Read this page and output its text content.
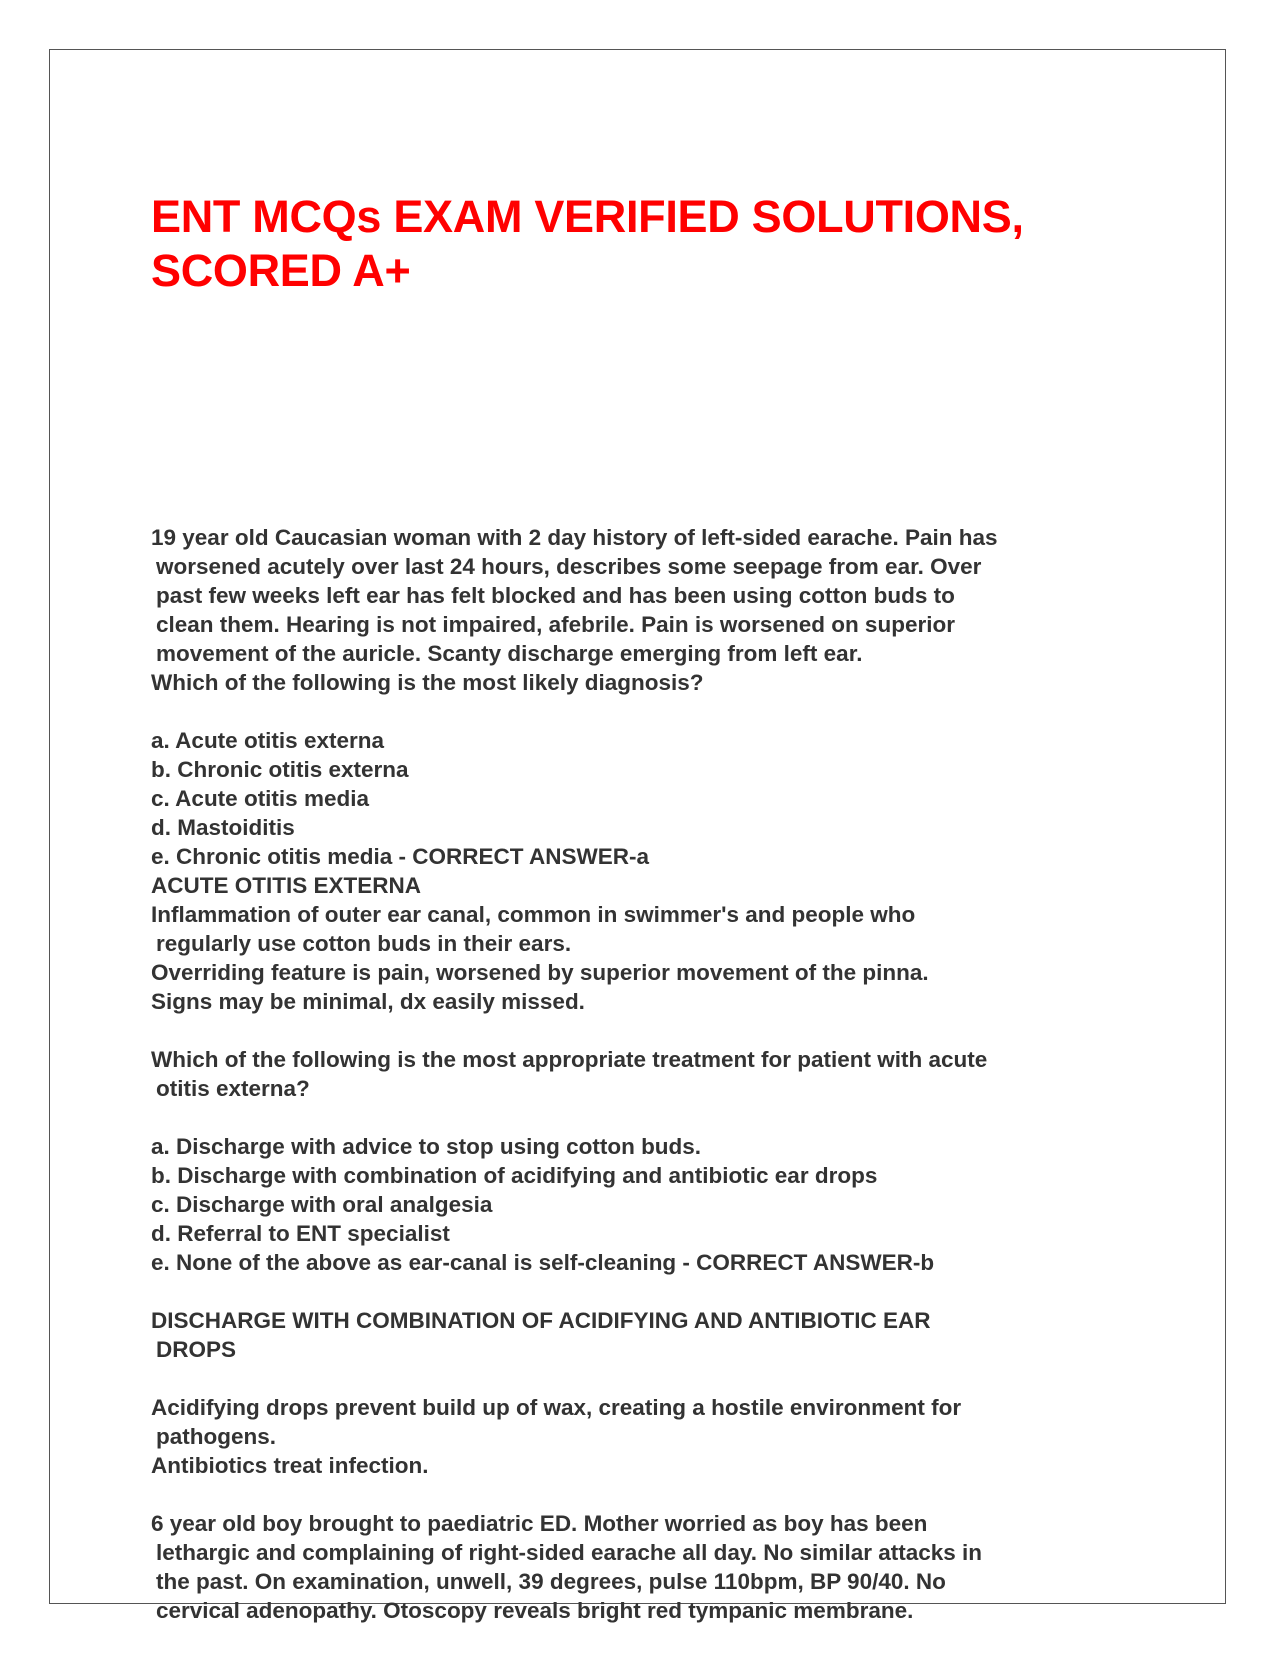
ENT MCQs EXAM VERIFIED SOLUTIONS,
SCORED A+
19 year old Caucasian woman with 2 day history of left-sided earache. Pain has
worsened acutely over last 24 hours, describes some seepage from ear. Over
past few weeks left ear has felt blocked and has been using cotton buds to
clean them. Hearing is not impaired, afebrile. Pain is worsened on superior
movement of the auricle. Scanty discharge emerging from left ear.
Which of the following is the most likely diagnosis?
a. Acute otitis externa
b. Chronic otitis externa
c. Acute otitis media
d. Mastoiditis
e. Chronic otitis media - CORRECT ANSWER-a
ACUTE OTITIS EXTERNA
Inflammation of outer ear canal, common in swimmer's and people who
regularly use cotton buds in their ears.
Overriding feature is pain, worsened by superior movement of the pinna.
Signs may be minimal, dx easily missed.
Which of the following is the most appropriate treatment for patient with acute
otitis externa?
a. Discharge with advice to stop using cotton buds.
b. Discharge with combination of acidifying and antibiotic ear drops
c. Discharge with oral analgesia
d. Referral to ENT specialist
e. None of the above as ear-canal is self-cleaning - CORRECT ANSWER-b
DISCHARGE WITH COMBINATION OF ACIDIFYING AND ANTIBIOTIC EAR
DROPS
Acidifying drops prevent build up of wax, creating a hostile environment for
pathogens.
Antibiotics treat infection.
6 year old boy brought to paediatric ED. Mother worried as boy has been
lethargic and complaining of right-sided earache all day. No similar attacks in
the past. On examination, unwell, 39 degrees, pulse 110bpm, BP 90/40. No
cervical adenopathy. Otoscopy reveals bright red tympanic membrane.
